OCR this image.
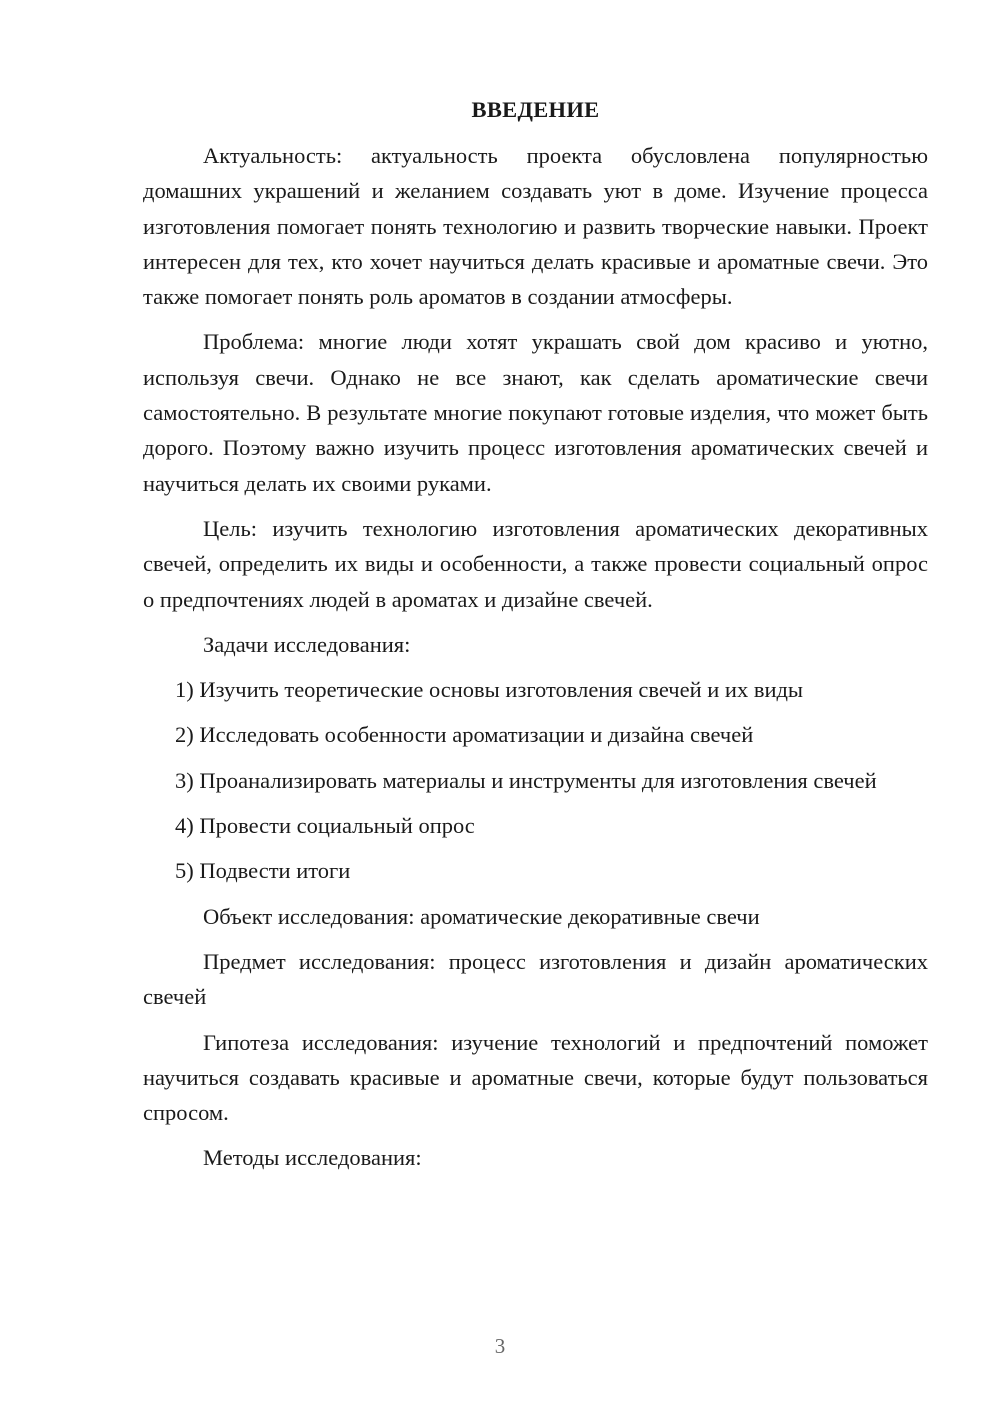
ВВЕДЕНИЕ

Актуальность: актуальность проекта обусловлена популярностью домашних украшений и желанием создавать уют в доме. Изучение процесса изготовления помогает понять технологию и развить творческие навыки. Проект интересен для тех, кто хочет научиться делать красивые и ароматные свечи. Это также помогает понять роль ароматов в создании атмосферы.

Проблема: многие люди хотят украшать свой дом красиво и уютно, используя свечи. Однако не все знают, как сделать ароматические свечи самостоятельно. В результате многие покупают готовые изделия, что может быть дорого. Поэтому важно изучить процесс изготовления ароматических свечей и научиться делать их своими руками.

Цель: изучить технологию изготовления ароматических декоративных свечей, определить их виды и особенности, а также провести социальный опрос о предпочтениях людей в ароматах и дизайне свечей.

Задачи исследования:

1) Изучить теоретические основы изготовления свечей и их виды

2) Исследовать особенности ароматизации и дизайна свечей

3) Проанализировать материалы и инструменты для изготовления свечей

4) Провести социальный опрос

5) Подвести итоги

Объект исследования: ароматические декоративные свечи

Предмет исследования: процесс изготовления и дизайн ароматических свечей

Гипотеза исследования: изучение технологий и предпочтений поможет научиться создавать красивые и ароматные свечи, которые будут пользоваться спросом.

Методы исследования:

3
